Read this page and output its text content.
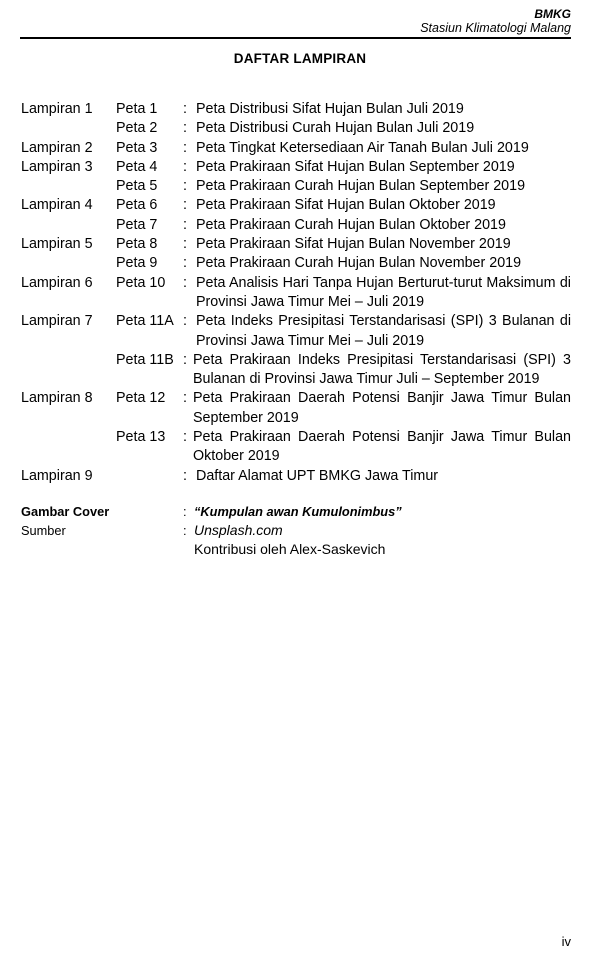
BMKG
Stasiun Klimatologi Malang
DAFTAR LAMPIRAN
Lampiran 1 Peta 1 : Peta Distribusi Sifat Hujan Bulan Juli 2019
Peta 2 : Peta Distribusi Curah Hujan Bulan Juli 2019
Lampiran 2 Peta 3 : Peta Tingkat Ketersediaan Air Tanah Bulan Juli 2019
Lampiran 3 Peta 4 : Peta Prakiraan Sifat Hujan Bulan September 2019
Peta 5 : Peta Prakiraan Curah Hujan Bulan September 2019
Lampiran 4 Peta 6 : Peta Prakiraan Sifat Hujan Bulan Oktober 2019
Peta 7 : Peta Prakiraan Curah Hujan Bulan Oktober 2019
Lampiran 5 Peta 8 : Peta Prakiraan Sifat Hujan Bulan November 2019
Peta 9 : Peta Prakiraan Curah Hujan Bulan November 2019
Lampiran 6 Peta 10 : Peta Analisis Hari Tanpa Hujan Berturut-turut Maksimum di Provinsi Jawa Timur Mei – Juli 2019
Lampiran 7 Peta 11A : Peta Indeks Presipitasi Terstandarisasi (SPI) 3 Bulanan di Provinsi Jawa Timur Mei – Juli 2019
Peta 11B : Peta Prakiraan Indeks Presipitasi Terstandarisasi (SPI) 3 Bulanan di Provinsi Jawa Timur Juli – September 2019
Lampiran 8 Peta 12 : Peta Prakiraan Daerah Potensi Banjir Jawa Timur Bulan September 2019
Peta 13 : Peta Prakiraan Daerah Potensi Banjir Jawa Timur Bulan Oktober 2019
Lampiran 9	: Daftar Alamat UPT BMKG Jawa Timur
Gambar Cover	: “Kumpulan awan Kumulonimbus”
Sumber	: Unsplash.com
Kontribusi oleh Alex-Saskevich
iv
